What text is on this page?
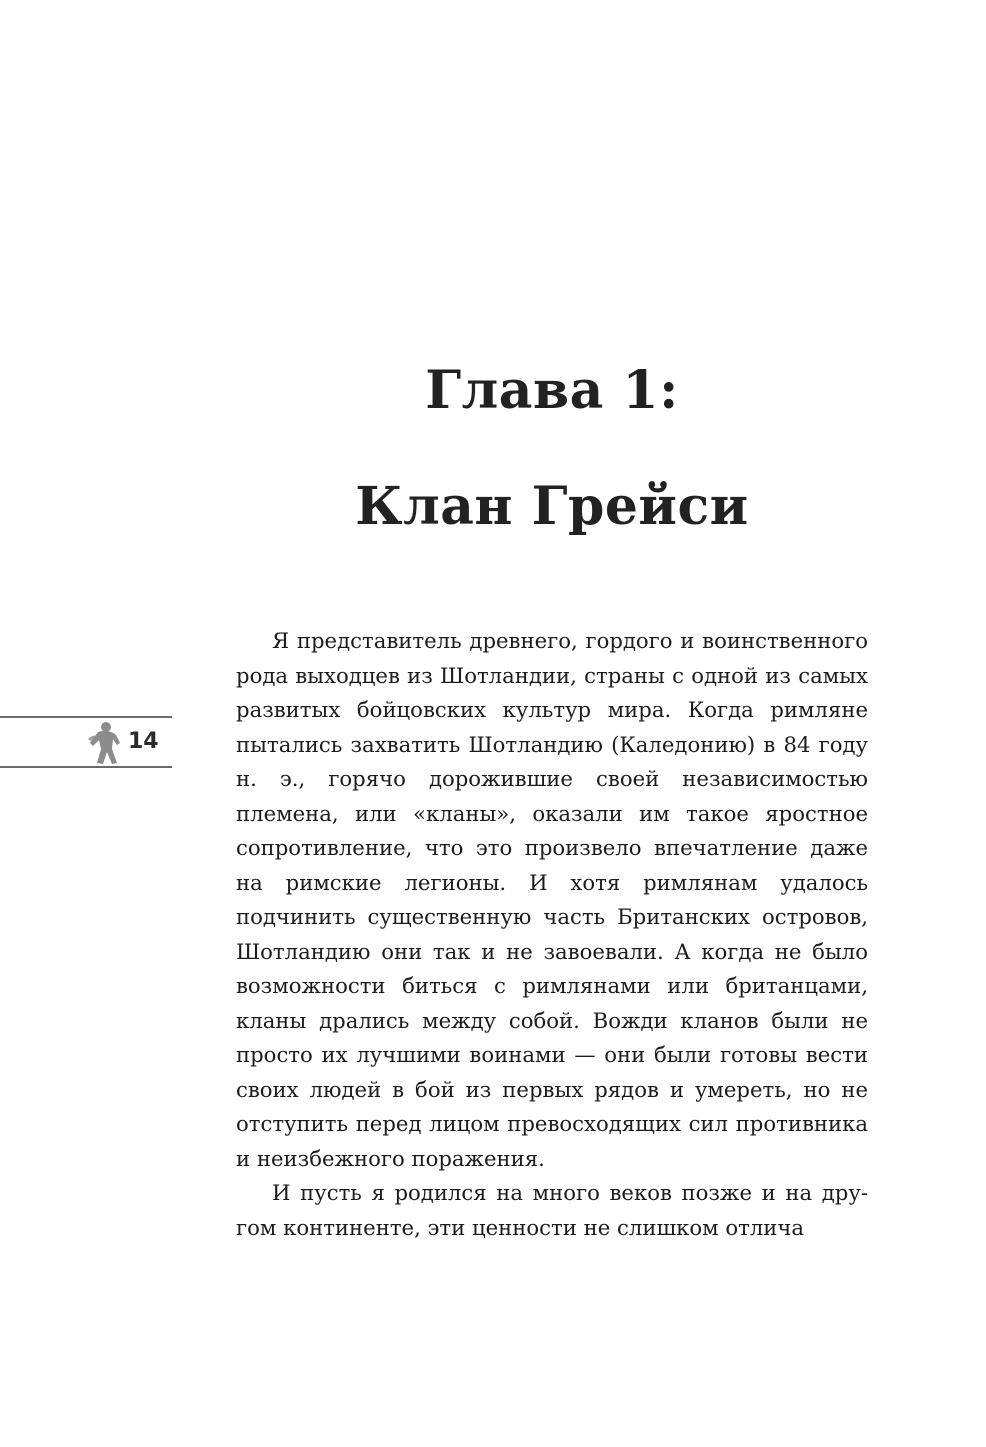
Глава 1:
Клан Грейси
14

Я представитель древнего, гордого и воинственного рода выходцев из Шотландии, страны с одной из самых развитых бойцовских культур мира. Когда римляне пытались захватить Шотландию (Каледонию) в 84 году н. э., горячо дорожившие своей независимостью племена, или «кланы», оказали им такое яростное сопротивление, что это произвело впечатление даже на римские легионы. И хотя римлянам удалось подчинить существенную часть Британских островов, Шотландию они так и не завоевали. А когда не было возможности биться с римлянами или британцами, кланы дрались между собой. Вожди кланов были не просто их лучшими воинами — они были готовы вести своих людей в бой из первых рядов и умереть, но не отступить перед лицом превосходящих сил противника и неизбежного поражения.

И пусть я родился на много веков позже и на другом континенте, эти ценности не слишком отлича
